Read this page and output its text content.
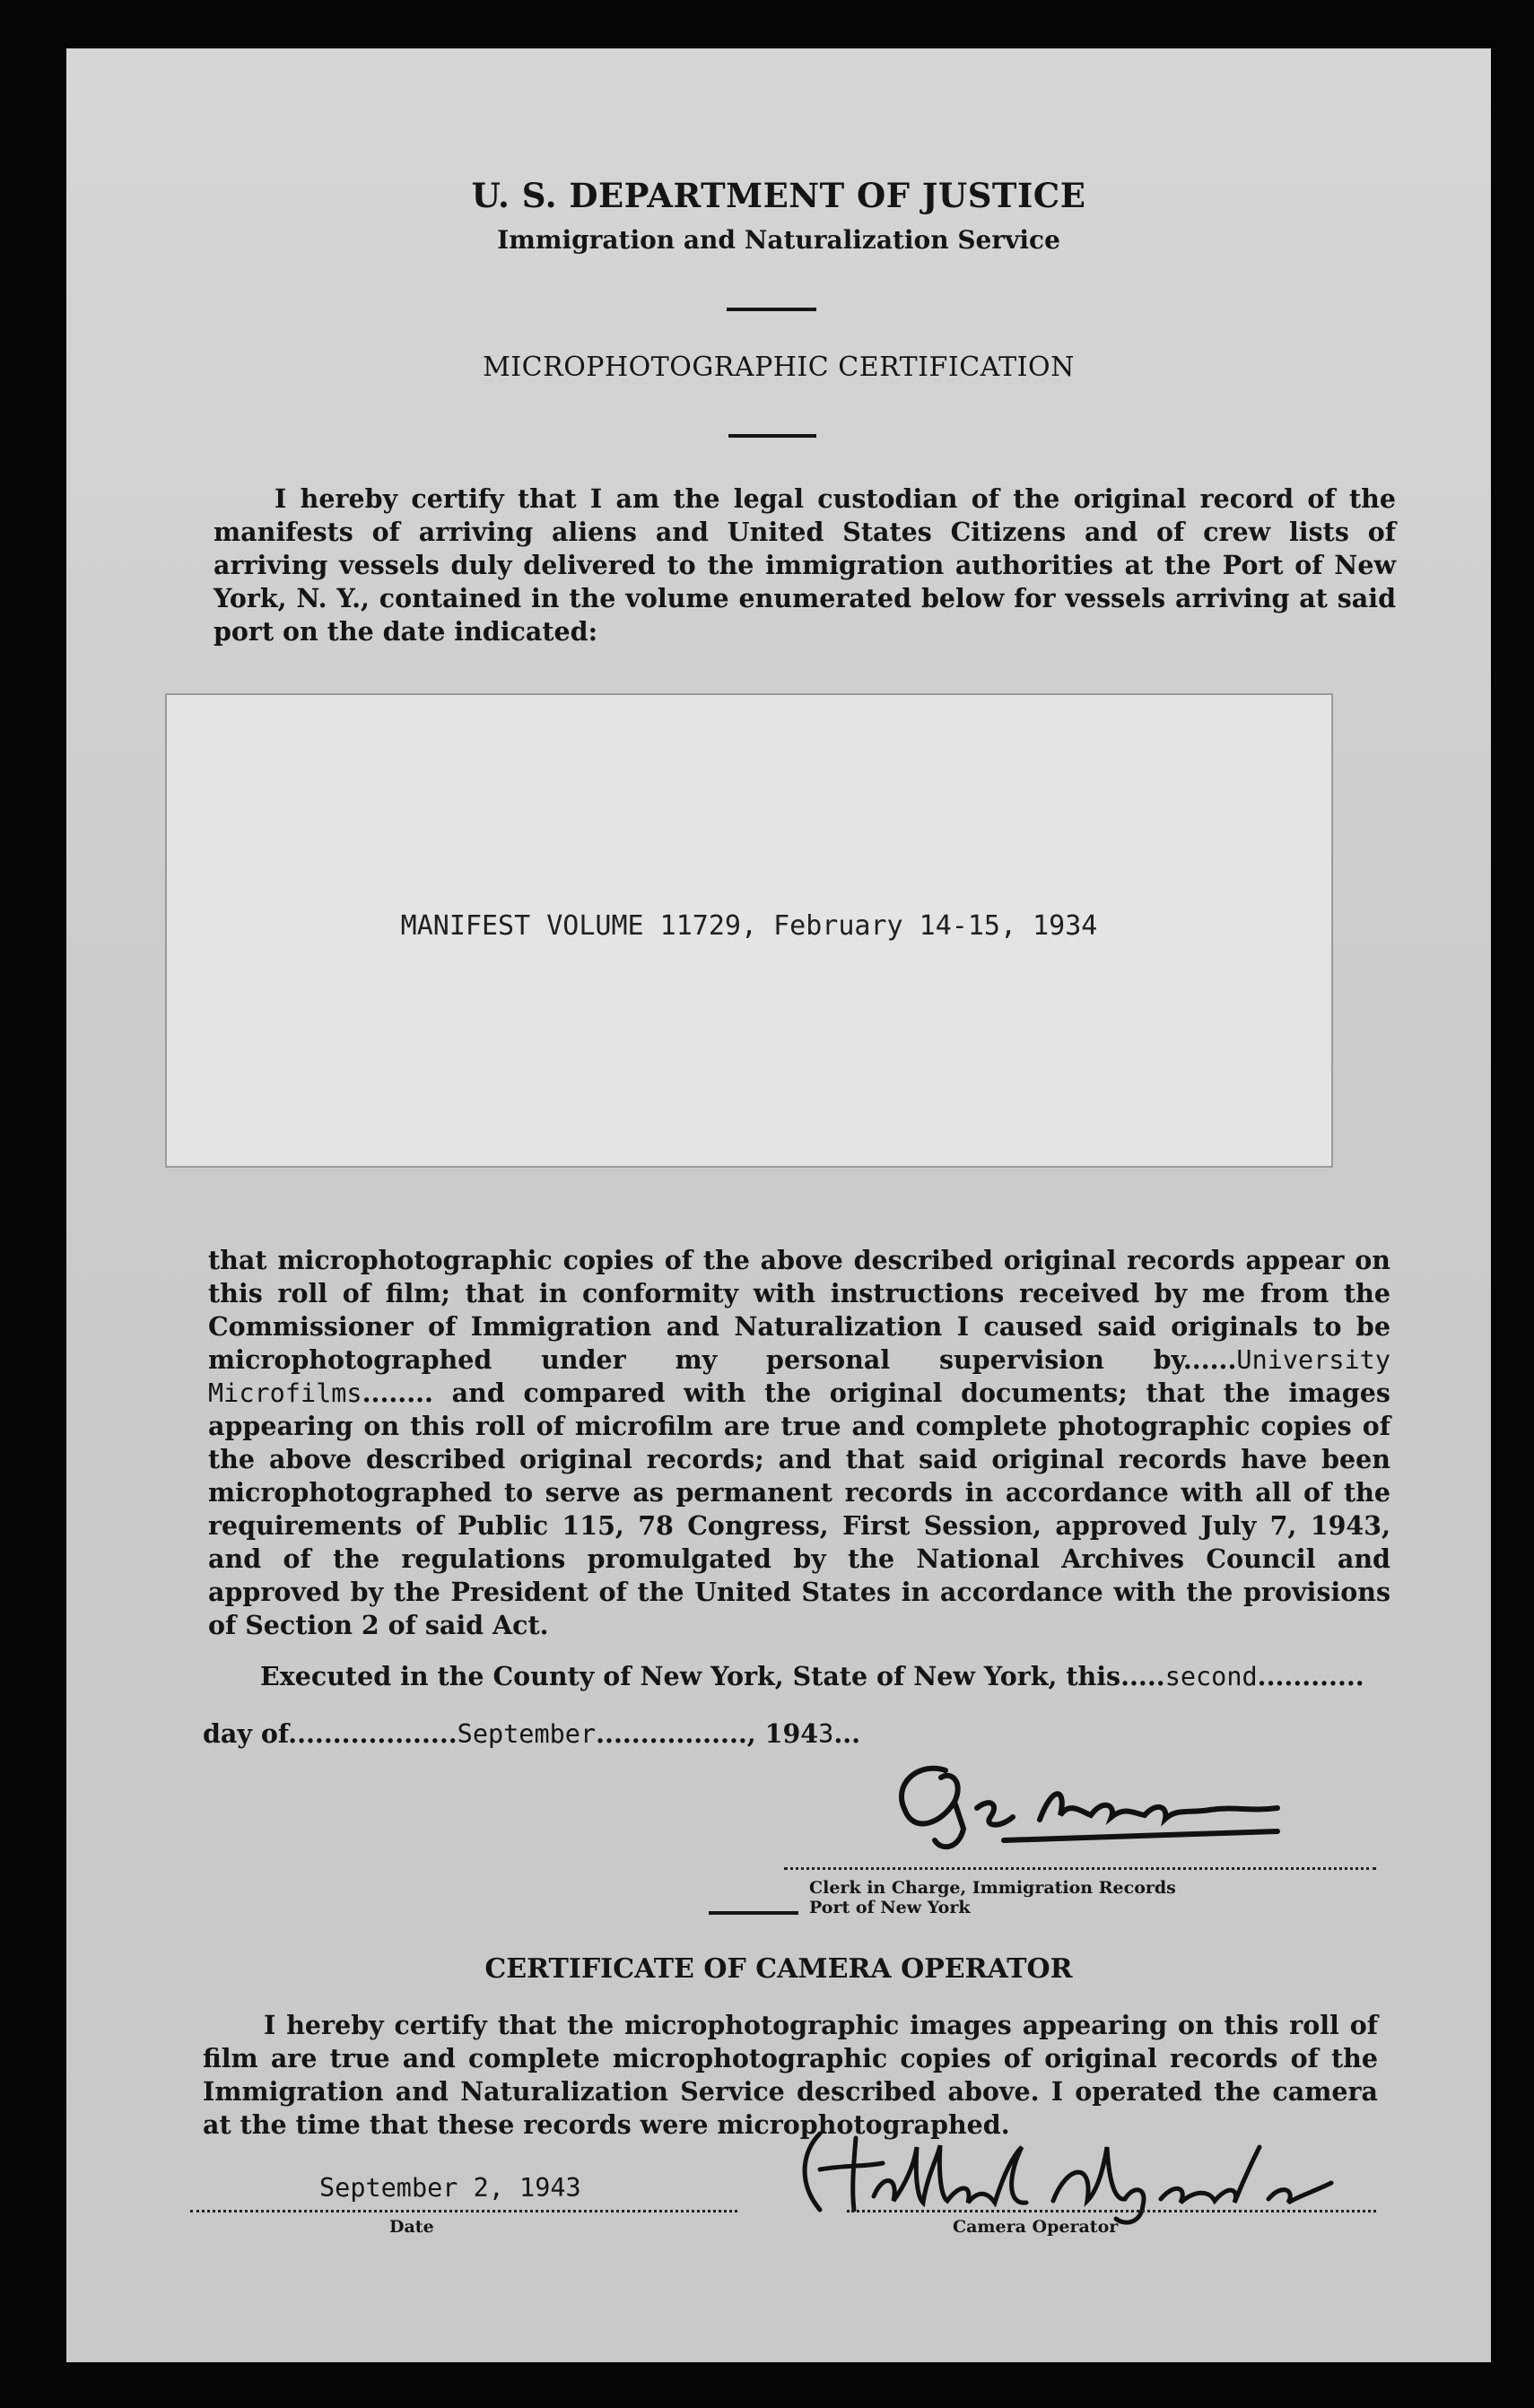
U. S. DEPARTMENT OF JUSTICE
Immigration and Naturalization Service
MICROPHOTOGRAPHIC CERTIFICATION
I hereby certify that I am the legal custodian of the original record of the manifests of arriving aliens and United States Citizens and of crew lists of arriving vessels duly delivered to the immigration authorities at the Port of New York, N. Y., contained in the volume enumerated below for vessels arriving at said port on the date indicated:
MANIFEST VOLUME 11729, February 14-15, 1934
that microphotographic copies of the above described original records appear on this roll of film; that in conformity with instructions received by me from the Commissioner of Immigration and Naturalization I caused said originals to be microphotographed under my personal supervision by......University Microfilms........ and compared with the original documents; that the images appearing on this roll of microfilm are true and complete photographic copies of the above described original records; and that said original records have been microphotographed to serve as permanent records in accordance with all of the requirements of Public 115, 78 Congress, First Session, approved July 7, 1943, and of the regulations promulgated by the National Archives Council and approved by the President of the United States in accordance with the provisions of Section 2 of said Act.
Executed in the County of New York, State of New York, this.....second............
day of...................September................., 1943...
Clerk in Charge, Immigration Records
Port of New York
CERTIFICATE OF CAMERA OPERATOR
I hereby certify that the microphotographic images appearing on this roll of film are true and complete microphotographic copies of original records of the Immigration and Naturalization Service described above. I operated the camera at the time that these records were microphotographed.
September 2, 1943
Date	Camera Operator
